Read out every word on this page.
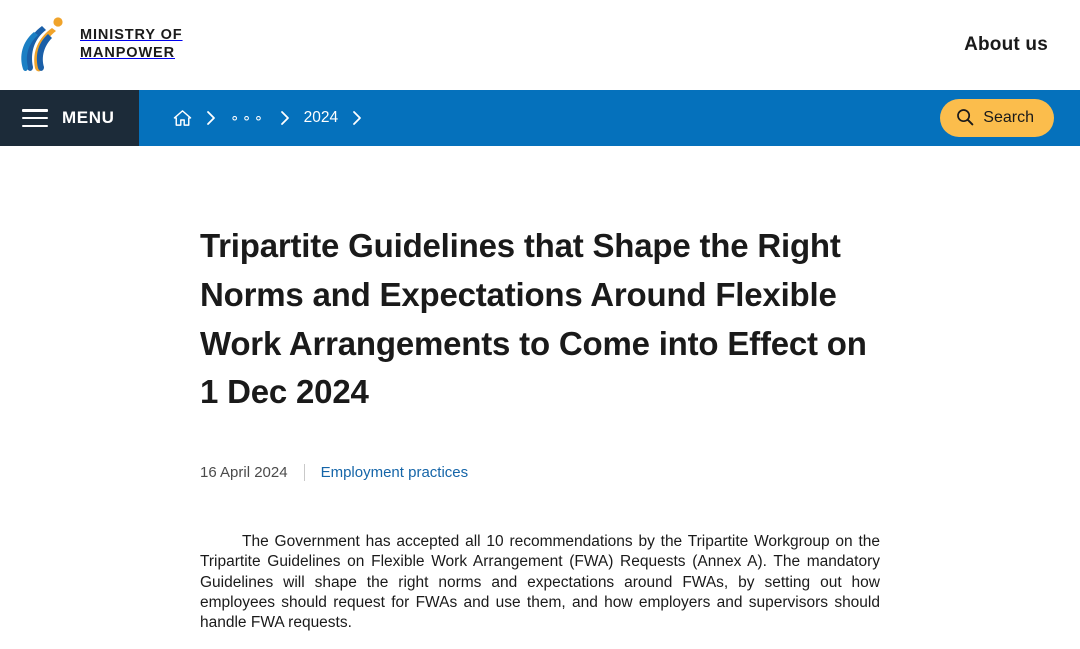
MINISTRY OF
MANPOWER	About us
MENU	∘∘∘ 2024	Search
Tripartite Guidelines that Shape the Right Norms and Expectations Around Flexible Work Arrangements to Come into Effect on 1 Dec 2024
16 April 2024 Employment practices

The Government has accepted all 10 recommendations by the Tripartite Workgroup on the Tripartite Guidelines on Flexible Work Arrangement (FWA) Requests (Annex A). The mandatory Guidelines will shape the right norms and expectations around FWAs, by setting out how employees should request for FWAs and use them, and how employers and supervisors should handle FWA requests.
